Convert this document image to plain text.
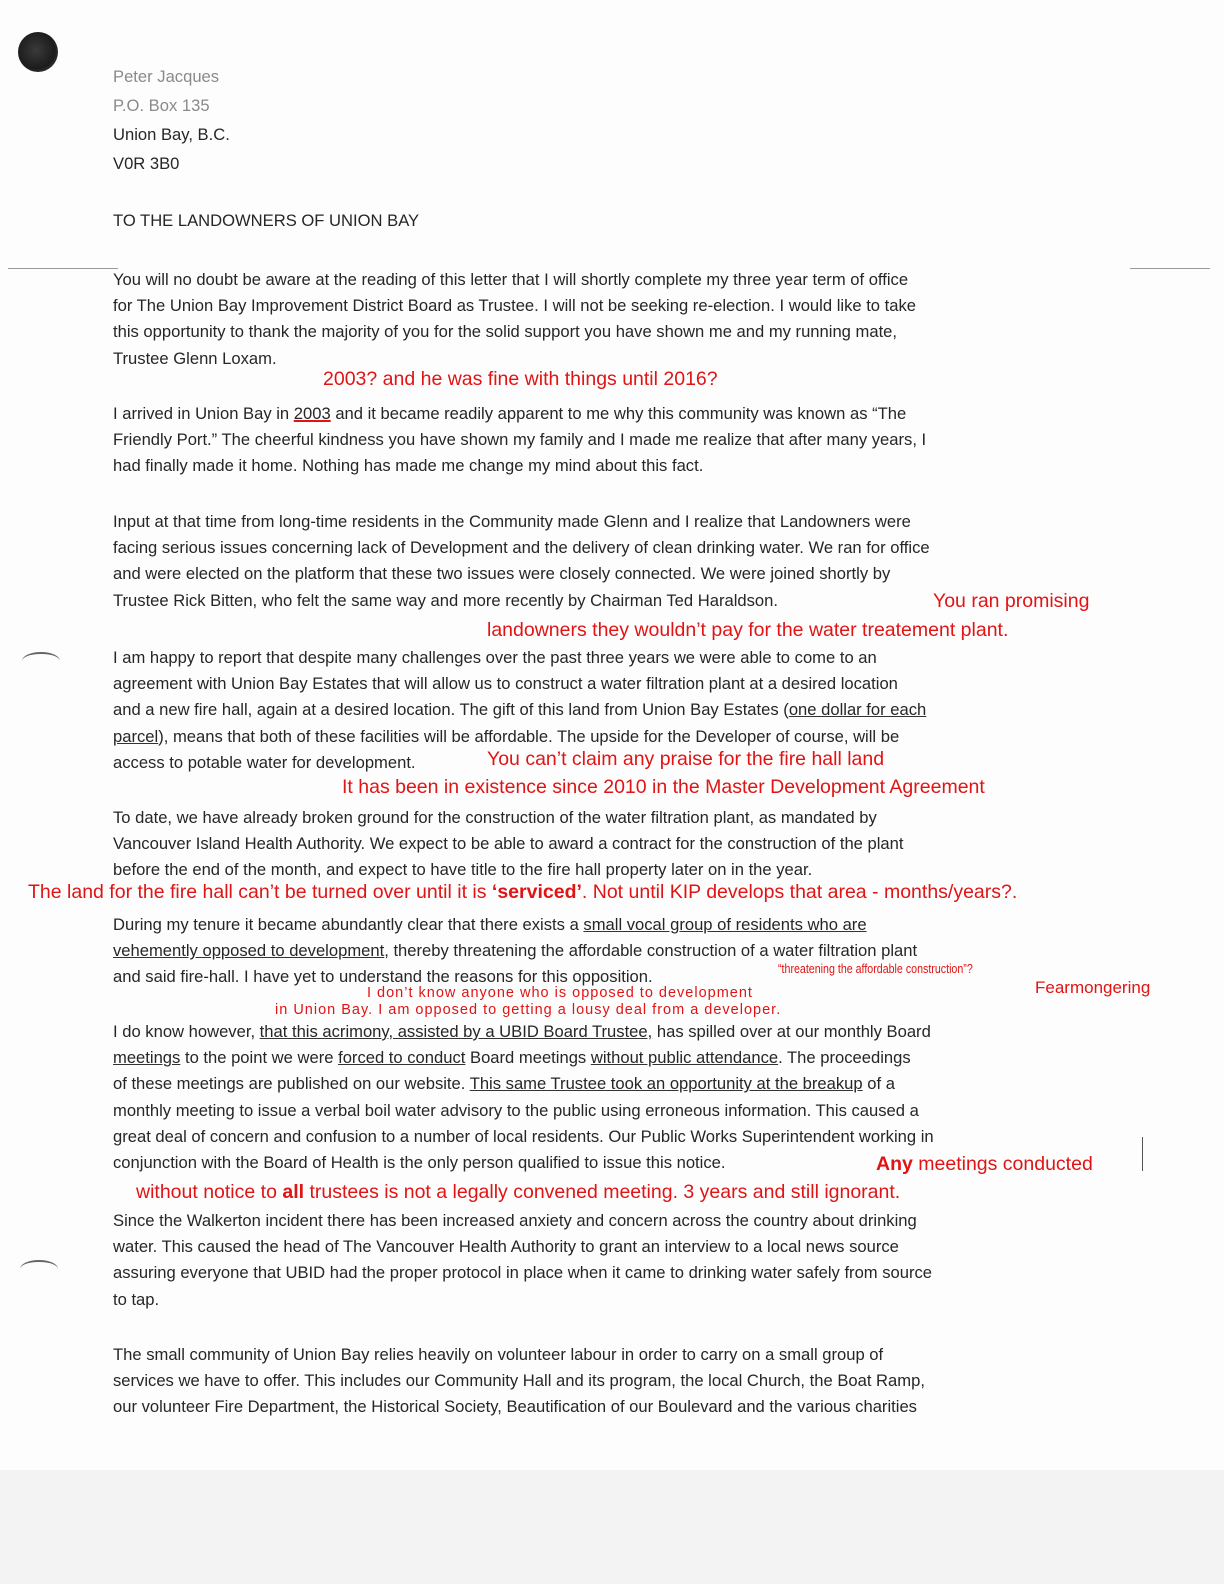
Peter Jacques
P.O. Box 135
Union Bay, B.C.
V0R 3B0
TO THE LANDOWNERS OF UNION BAY
You will no doubt be aware at the reading of this letter that I will shortly complete my three year term of office
for The Union Bay Improvement District Board as Trustee. I will not be seeking re-election. I would like to take
this opportunity to thank the majority of you for the solid support you have shown me and my running mate,
Trustee Glenn Loxam.
2003? and he was fine with things until 2016?
I arrived in Union Bay in 2003 and it became readily apparent to me why this community was known as “The
Friendly Port.” The cheerful kindness you have shown my family and I made me realize that after many years, I
had finally made it home. Nothing has made me change my mind about this fact.
Input at that time from long-time residents in the Community made Glenn and I realize that Landowners were
facing serious issues concerning lack of Development and the delivery of clean drinking water. We ran for office
and were elected on the platform that these two issues were closely connected. We were joined shortly by
Trustee Rick Bitten, who felt the same way and more recently by Chairman Ted Haraldson.	You ran promising
landowners they wouldn’t pay for the water treatement plant.
I am happy to report that despite many challenges over the past three years we were able to come to an
agreement with Union Bay Estates that will allow us to construct a water filtration plant at a desired location
and a new fire hall, again at a desired location. The gift of this land from Union Bay Estates (one dollar for each
parcel), means that both of these facilities will be affordable. The upside for the Developer of course, will be
access to potable water for development.	You can’t claim any praise for the fire hall land
It has been in existence since 2010 in the Master Development Agreement
To date, we have already broken ground for the construction of the water filtration plant, as mandated by
Vancouver Island Health Authority. We expect to be able to award a contract for the construction of the plant
before the end of the month, and expect to have title to the fire hall property later on in the year.
The land for the fire hall can’t be turned over until it is ‘serviced’. Not until KIP develops that area - months/years?.
During my tenure it became abundantly clear that there exists a small vocal group of residents who are
vehemently opposed to development, thereby threatening the affordable construction of a water filtration plant
and said fire-hall. I have yet to understand the reasons for this opposition.	“threatening the affordable construction”?
Fearmongering
I don’t know anyone who is opposed to development
in Union Bay. I am opposed to getting a lousy deal from a developer.
I do know however, that this acrimony, assisted by a UBID Board Trustee, has spilled over at our monthly Board
meetings to the point we were forced to conduct Board meetings without public attendance. The proceedings
of these meetings are published on our website. This same Trustee took an opportunity at the breakup of a
monthly meeting to issue a verbal boil water advisory to the public using erroneous information. This caused a
great deal of concern and confusion to a number of local residents. Our Public Works Superintendent working in
conjunction with the Board of Health is the only person qualified to issue this notice.	Any meetings conducted
without notice to all trustees is not a legally convened meeting. 3 years and still ignorant.
Since the Walkerton incident there has been increased anxiety and concern across the country about drinking
water. This caused the head of The Vancouver Health Authority to grant an interview to a local news source
assuring everyone that UBID had the proper protocol in place when it came to drinking water safely from source
to tap.
The small community of Union Bay relies heavily on volunteer labour in order to carry on a small group of
services we have to offer. This includes our Community Hall and its program, the local Church, the Boat Ramp,
our volunteer Fire Department, the Historical Society, Beautification of our Boulevard and the various charities
